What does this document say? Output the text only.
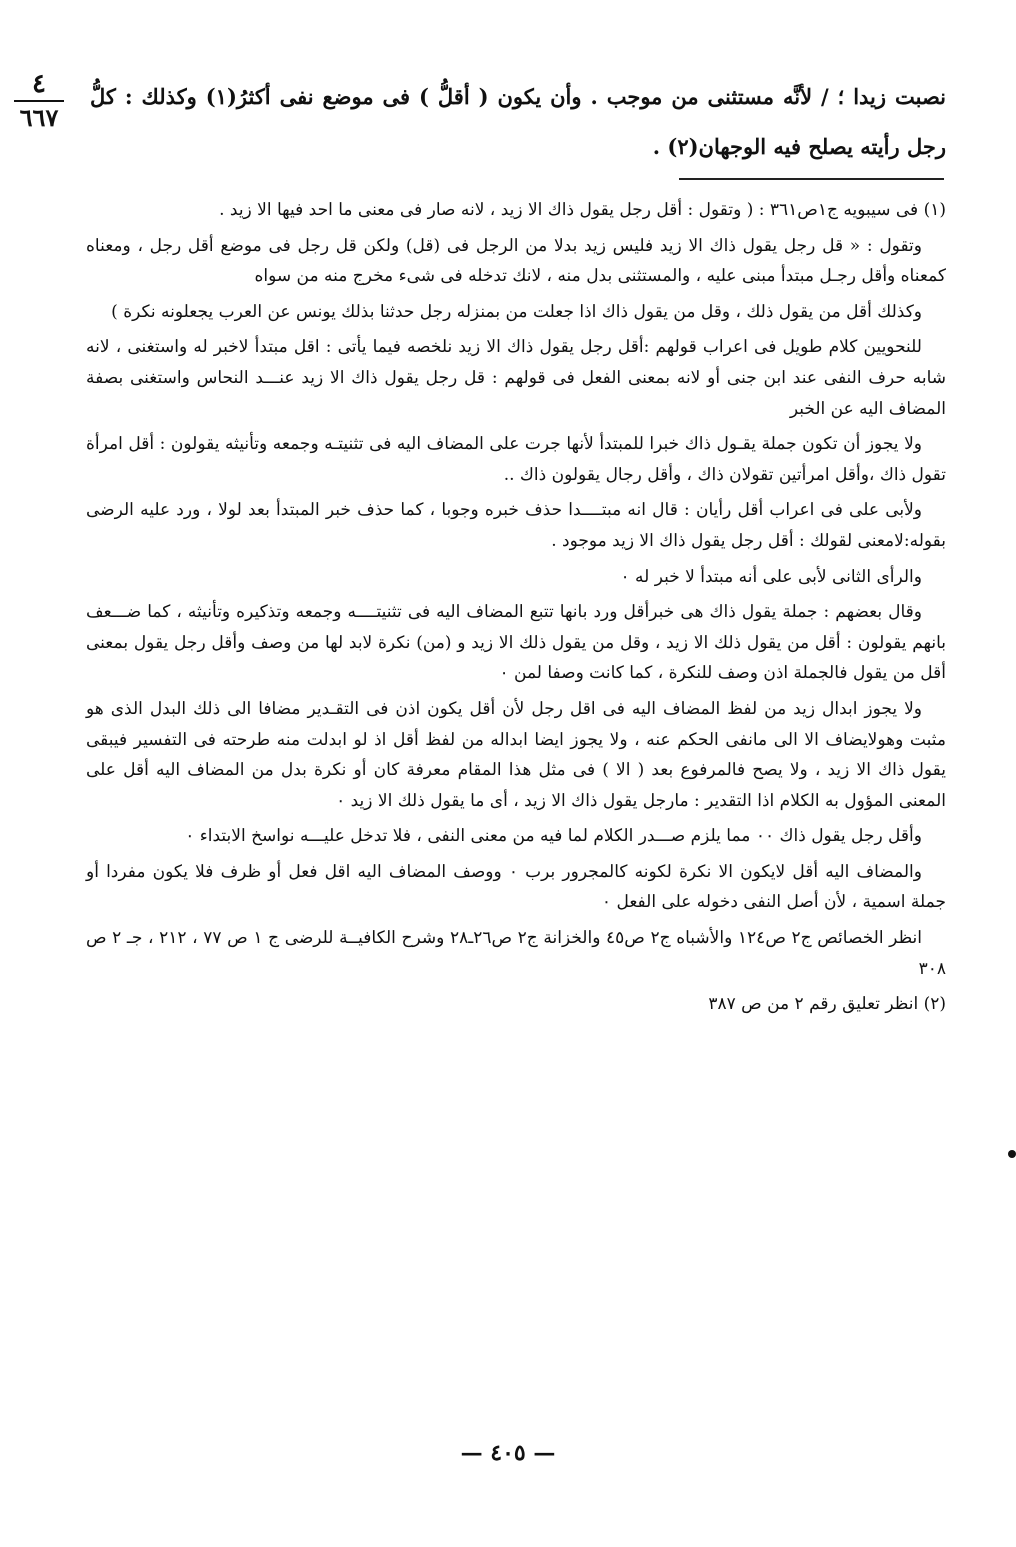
٤
٦٦٧

نصبت زيدا ؛ / لأنَّه مستثنى من موجب . وأن يكون ( أقلُّ ) فى موضع نفى أكثرُ(١) وكذلك : كلُّ رجل رأيته يصلح فيه الوجهان(٢) .

(١) فى سيبويه ج١ص٣٦١ : ( وتقول : أقل رجل يقول ذاك الا زيد ، لانه صار فى معنى ما احد فيها الا زيد .

وتقول : « قل رجل يقول ذاك الا زيد فليس زيد بدلا من الرجل فى (قل) ولكن قل رجل فى موضع أقل رجل ، ومعناه كمعناه وأقل رجـل مبتدأ مبنى عليه ، والمستثنى بدل منه ، لانك تدخله فى شىء مخرج منه من سواه

وكذلك أقل من يقول ذلك ، وقل من يقول ذاك اذا جعلت من بمنزله رجل حدثنا بذلك يونس عن العرب يجعلونه نكرة )

للنحويين كلام طويل فى اعراب قولهم :أقل رجل يقول ذاك الا زيد نلخصه فيما يأتى : اقل مبتدأ لاخبر له واستغنى ، لانه شابه حرف النفى عند ابن جنى أو لانه بمعنى الفعل فى قولهم : قل رجل يقول ذاك الا زيد عنـــد النحاس واستغنى بصفة المضاف اليه عن الخبر

ولا يجوز أن تكون جملة يقـول ذاك خبرا للمبتدأ لأنها جرت على المضاف اليه فى تثنيتـه وجمعه وتأنيثه يقولون : أقل امرأة تقول ذاك ،وأقل امرأتين تقولان ذاك ، وأقل رجال يقولون ذاك ..

ولأبى على فى اعراب أقل رأيان : قال انه مبتــــدا حذف خبره وجوبا ، كما حذف خبر المبتدأ بعد لولا ، ورد عليه الرضى بقوله:لامعنى لقولك : أقل رجل يقول ذاك الا زيد موجود .

والرأى الثانى لأبى على أنه مبتدأ لا خبر له ٠

وقال بعضهم : جملة يقول ذاك هى خبرأقل ورد بانها تتبع المضاف اليه فى تثنيتــــه وجمعه وتذكيره وتأنيثه ، كما ضـــعف بانهم يقولون : أقل من يقول ذلك الا زيد ، وقل من يقول ذلك الا زيد و (من) نكرة لابد لها من وصف وأقل رجل يقول بمعنى أقل من يقول فالجملة اذن وصف للنكرة ، كما كانت وصفا لمن ٠

ولا يجوز ابدال زيد من لفظ المضاف اليه فى اقل رجل لأن أقل يكون اذن فى التقـدير مضافا الى ذلك البدل الذى هو مثبت وهولايضاف الا الى مانفى الحكم عنه ، ولا يجوز ايضا ابداله من لفظ أقل اذ لو ابدلت منه طرحته فى التفسير فيبقى يقول ذاك الا زيد ، ولا يصح فالمرفوع بعد ( الا ) فى مثل هذا المقام معرفة كان أو نكرة بدل من المضاف اليه أقل على المعنى المؤول به الكلام اذا التقدير : مارجل يقول ذاك الا زيد ، أى ما يقول ذلك الا زيد ٠

وأقل رجل يقول ذاك ٠٠ مما يلزم صـــدر الكلام لما فيه من معنى النفى ، فلا تدخل عليـــه نواسخ الابتداء ٠

والمضاف اليه أقل لايكون الا نكرة لكونه كالمجرور برب ٠ ووصف المضاف اليه اقل فعل أو ظرف فلا يكون مفردا أو جملة اسمية ، لأن أصل النفى دخوله على الفعل ٠

انظر الخصائص ج٢ ص١٢٤ والأشباه ج٢ ص٤٥ والخزانة ج٢ ص٢٦ـ٢٨ وشرح الكافيــة للرضى ج ١ ص ٧٧ ، ٢١٢ ، جـ ٢ ص ٣٠٨

(٢) انظر تعليق رقم ٢ من ص ٣٨٧

— ٤٠٥ —
